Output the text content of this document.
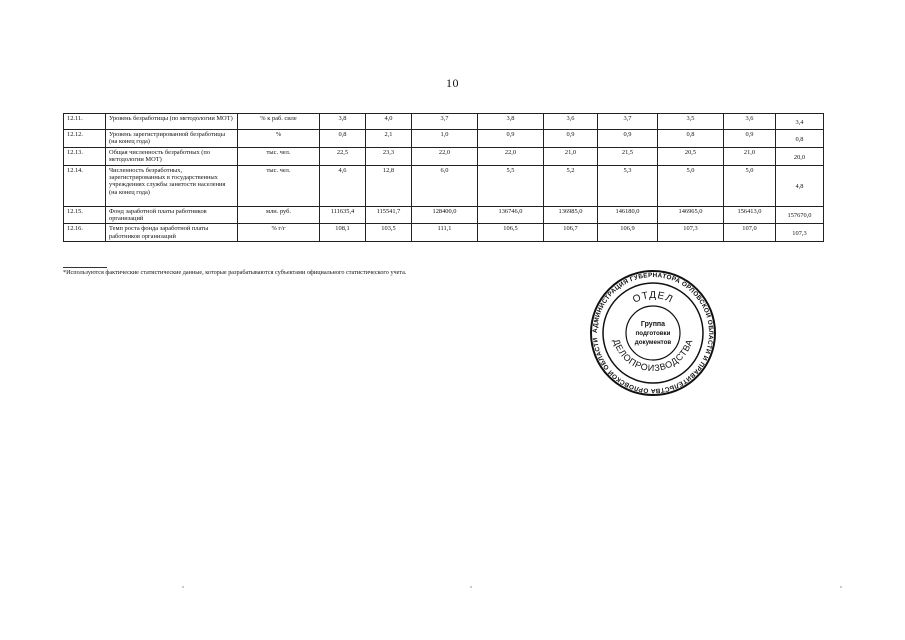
10
12.11.	Уровень безработицы (по методологии МОТ)	% к раб. силе	3,8	4,0	3,7	3,8	3,6	3,7	3,5	3,6	3,4
12.12.	Уровень зарегистрированной безработицы (на конец года)	%	0,8	2,1	1,0	0,9	0,9	0,9	0,8	0,9	0,8
12.13.	Общая численность безработных (по методологии МОТ)	тыс. чел.	22,5	23,3	22,0	22,0	21,0	21,5	20,5	21,0	20,0
12.14.	Численность безработных, зарегистрированных в государственных учреждениях службы занятости населения (на конец года)	тыс. чел.	4,6	12,8	6,0	5,5	5,2	5,3	5,0	5,0	4,8
12.15.	Фонд заработной платы работников организаций	млн. руб.	111635,4	115541,7	128400,0	136746,0	136985,0	146180,0	146965,0	156413,0	157670,0
12.16.	Темп роста фонда заработной платы работников организаций	% г/г	108,1	103,5	111,1	106,5	106,7	106,9	107,3	107,0	107,3
*Используются фактические статистические данные, которые разрабатываются субъектами официального статистического учета.
АДМИНИСТРАЦИЯ ГУБЕРНАТОРА ОРЛОВСКОЙ ОБЛАСТИ И ПРАВИТЕЛЬСТВА ОРЛОВСКОЙ ОБЛАСТИ
ОТДЕЛ
ДЕЛОПРОИЗВОДСТВА
Группа
подготовки
документов
